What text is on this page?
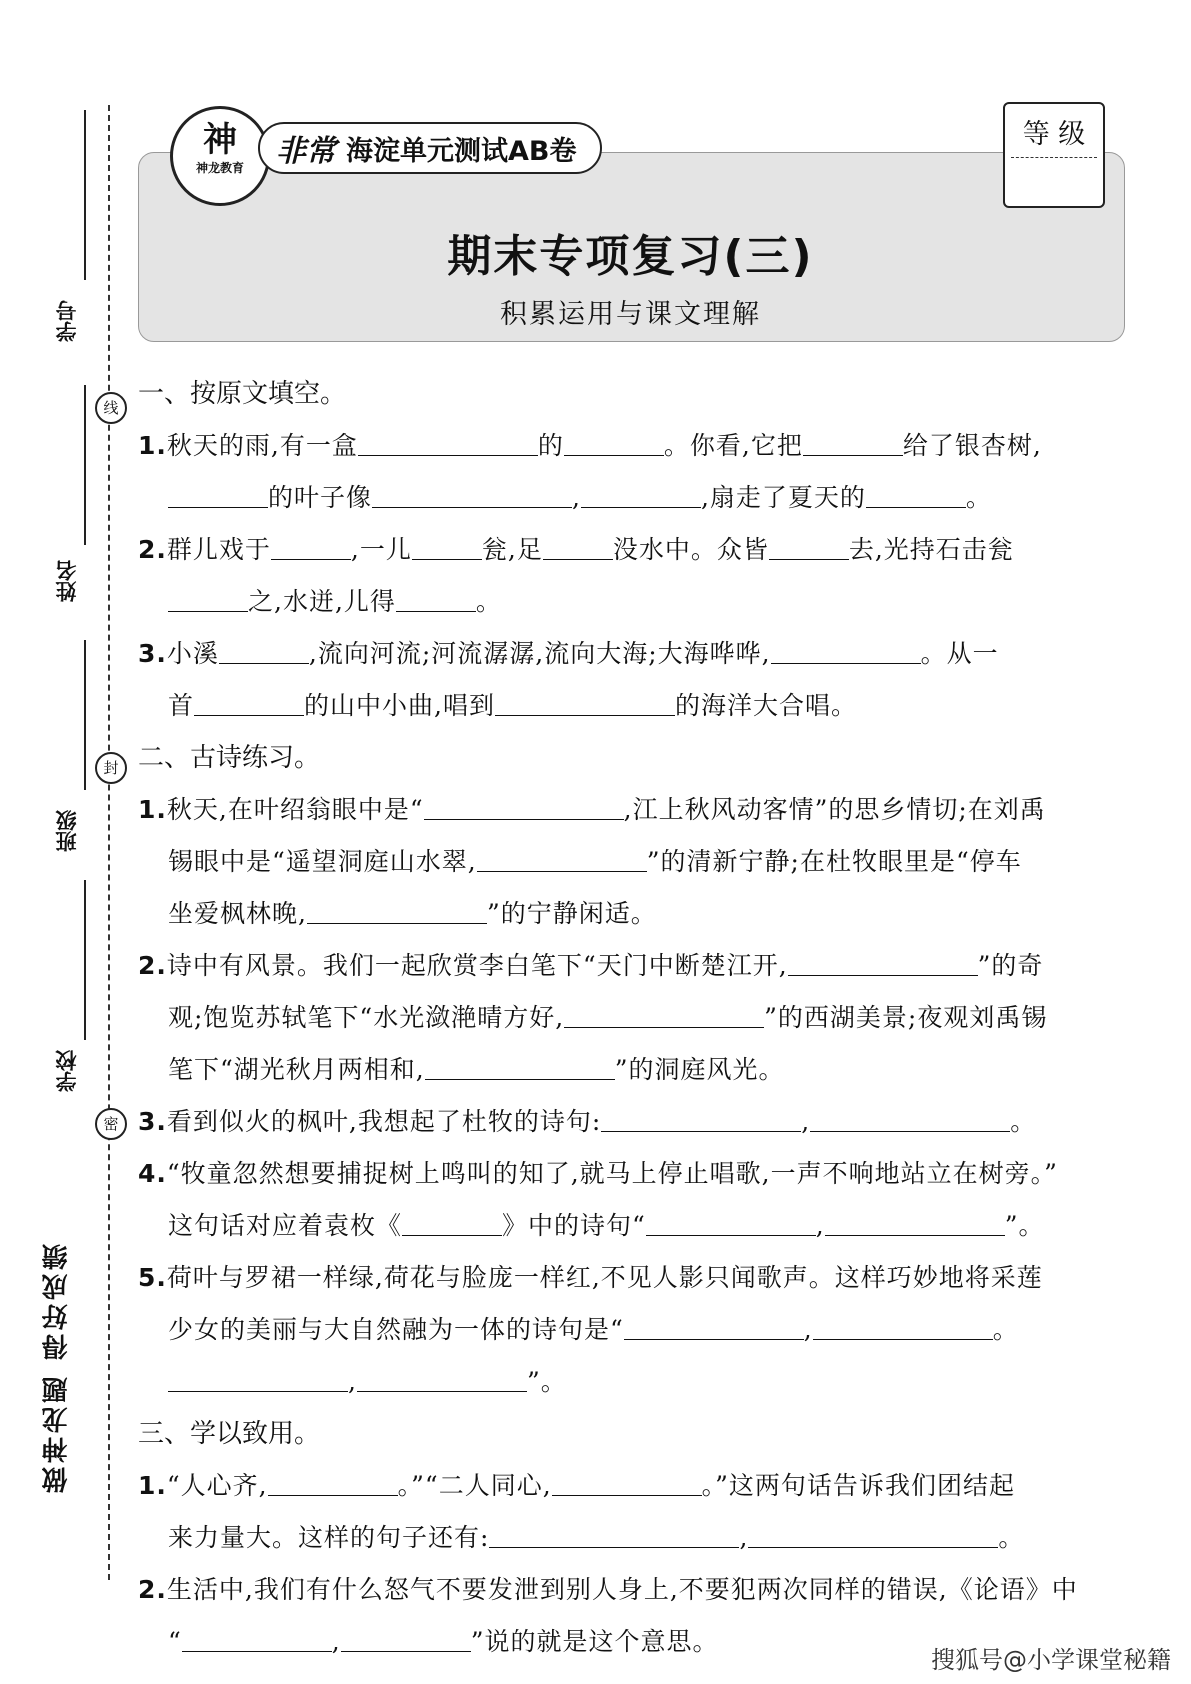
线
封
密
学号
姓名
班级
学校
做神龙题 得好成绩
神
神龙教育	非常 海淀单元测试AB卷
等 级
期末专项复习(三)
积累运用与课文理解
一、按原文填空。
1.秋天的雨,有一盒	的	。你看,它把	给了银杏树,
的叶子像	,	,扇走了夏天的	。
2.群儿戏于	,一儿	瓮,足	没水中。众皆	去,光持石击瓮
之,水迸,儿得	。
3.小溪	,流向河流;河流潺潺,流向大海;大海哗哗,	。从一
首	的山中小曲,唱到	的海洋大合唱。
二、古诗练习。
1.秋天,在叶绍翁眼中是“	,江上秋风动客情”的思乡情切;在刘禹
锡眼中是“遥望洞庭山水翠,	”的清新宁静;在杜牧眼里是“停车
坐爱枫林晚,	”的宁静闲适。
2.诗中有风景。我们一起欣赏李白笔下“天门中断楚江开,	”的奇
观;饱览苏轼笔下“水光潋滟晴方好,	”的西湖美景;夜观刘禹锡
笔下“湖光秋月两相和,	”的洞庭风光。
3.看到似火的枫叶,我想起了杜牧的诗句:	,	。
4.“牧童忽然想要捕捉树上鸣叫的知了,就马上停止唱歌,一声不响地站立在树旁。”
这句话对应着袁枚《	》中的诗句“	,	”。
5.荷叶与罗裙一样绿,荷花与脸庞一样红,不见人影只闻歌声。这样巧妙地将采莲
少女的美丽与大自然融为一体的诗句是“	,	。
,	”。
三、学以致用。
1.“人心齐,	。”“二人同心,	。”这两句话告诉我们团结起
来力量大。这样的句子还有:	,	。
2.生活中,我们有什么怒气不要发泄到别人身上,不要犯两次同样的错误,《论语》中
“	,	”说的就是这个意思。
搜狐号@小学课堂秘籍
